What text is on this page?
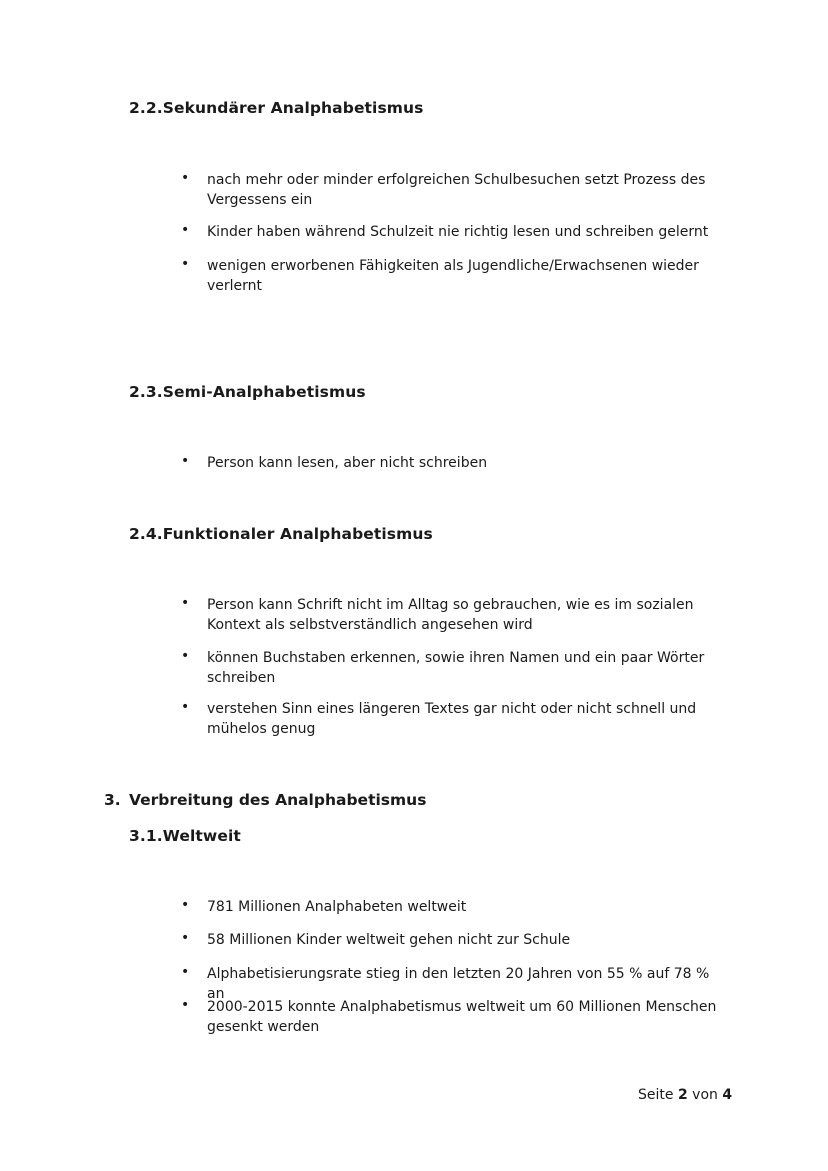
2.2.Sekundärer Analphabetismus
• nach mehr oder minder erfolgreichen Schulbesuchen setzt Prozess des Vergessens ein
• Kinder haben während Schulzeit nie richtig lesen und schreiben gelernt
• wenigen erworbenen Fähigkeiten als Jugendliche/Erwachsenen wieder verlernt
2.3.Semi-Analphabetismus
• Person kann lesen, aber nicht schreiben
2.4.Funktionaler Analphabetismus
• Person kann Schrift nicht im Alltag so gebrauchen, wie es im sozialen Kontext als selbstverständlich angesehen wird
• können Buchstaben erkennen, sowie ihren Namen und ein paar Wörter schreiben
• verstehen Sinn eines längeren Textes gar nicht oder nicht schnell und mühelos genug
3. Verbreitung des Analphabetismus
3.1.Weltweit
• 781 Millionen Analphabeten weltweit
• 58 Millionen Kinder weltweit gehen nicht zur Schule
• Alphabetisierungsrate stieg in den letzten 20 Jahren von 55 % auf 78 % an
• 2000-2015 konnte Analphabetismus weltweit um 60 Millionen Menschen gesenkt werden
Seite 2 von 4
